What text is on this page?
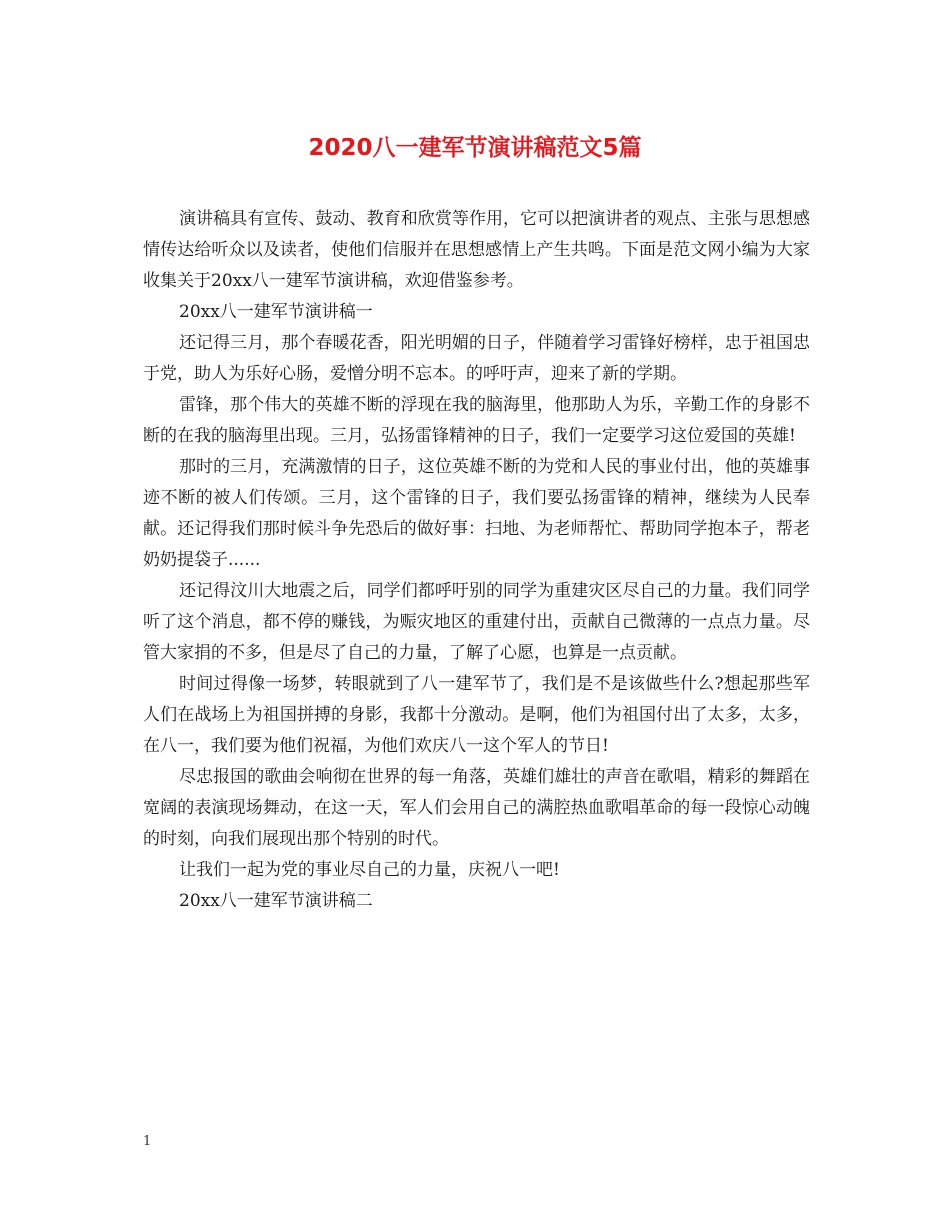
2020八一建军节演讲稿范文5篇

演讲稿具有宣传、鼓动、教育和欣赏等作用，它可以把演讲者的观点、主张与思想感情传达给听众以及读者，使他们信服并在思想感情上产生共鸣。下面是范文网小编为大家收集关于20xx八一建军节演讲稿，欢迎借鉴参考。

20xx八一建军节演讲稿一

还记得三月，那个春暖花香，阳光明媚的日子，伴随着学习雷锋好榜样，忠于祖国忠于党，助人为乐好心肠，爱憎分明不忘本。的呼吁声，迎来了新的学期。

雷锋，那个伟大的英雄不断的浮现在我的脑海里，他那助人为乐，辛勤工作的身影不断的在我的脑海里出现。三月，弘扬雷锋精神的日子，我们一定要学习这位爱国的英雄!

那时的三月，充满激情的日子，这位英雄不断的为党和人民的事业付出，他的英雄事迹不断的被人们传颂。三月，这个雷锋的日子，我们要弘扬雷锋的精神，继续为人民奉献。还记得我们那时候斗争先恐后的做好事：扫地、为老师帮忙、帮助同学抱本子，帮老奶奶提袋子......

还记得汶川大地震之后，同学们都呼吁别的同学为重建灾区尽自己的力量。我们同学听了这个消息，都不停的赚钱，为赈灾地区的重建付出，贡献自己微薄的一点点力量。尽管大家捐的不多，但是尽了自己的力量，了解了心愿，也算是一点贡献。

时间过得像一场梦，转眼就到了八一建军节了，我们是不是该做些什么?想起那些军人们在战场上为祖国拼搏的身影，我都十分激动。是啊，他们为祖国付出了太多，太多，在八一，我们要为他们祝福，为他们欢庆八一这个军人的节日!

尽忠报国的歌曲会响彻在世界的每一角落，英雄们雄壮的声音在歌唱，精彩的舞蹈在宽阔的表演现场舞动，在这一天，军人们会用自己的满腔热血歌唱革命的每一段惊心动魄的时刻，向我们展现出那个特别的时代。

让我们一起为党的事业尽自己的力量，庆祝八一吧!

20xx八一建军节演讲稿二

1
